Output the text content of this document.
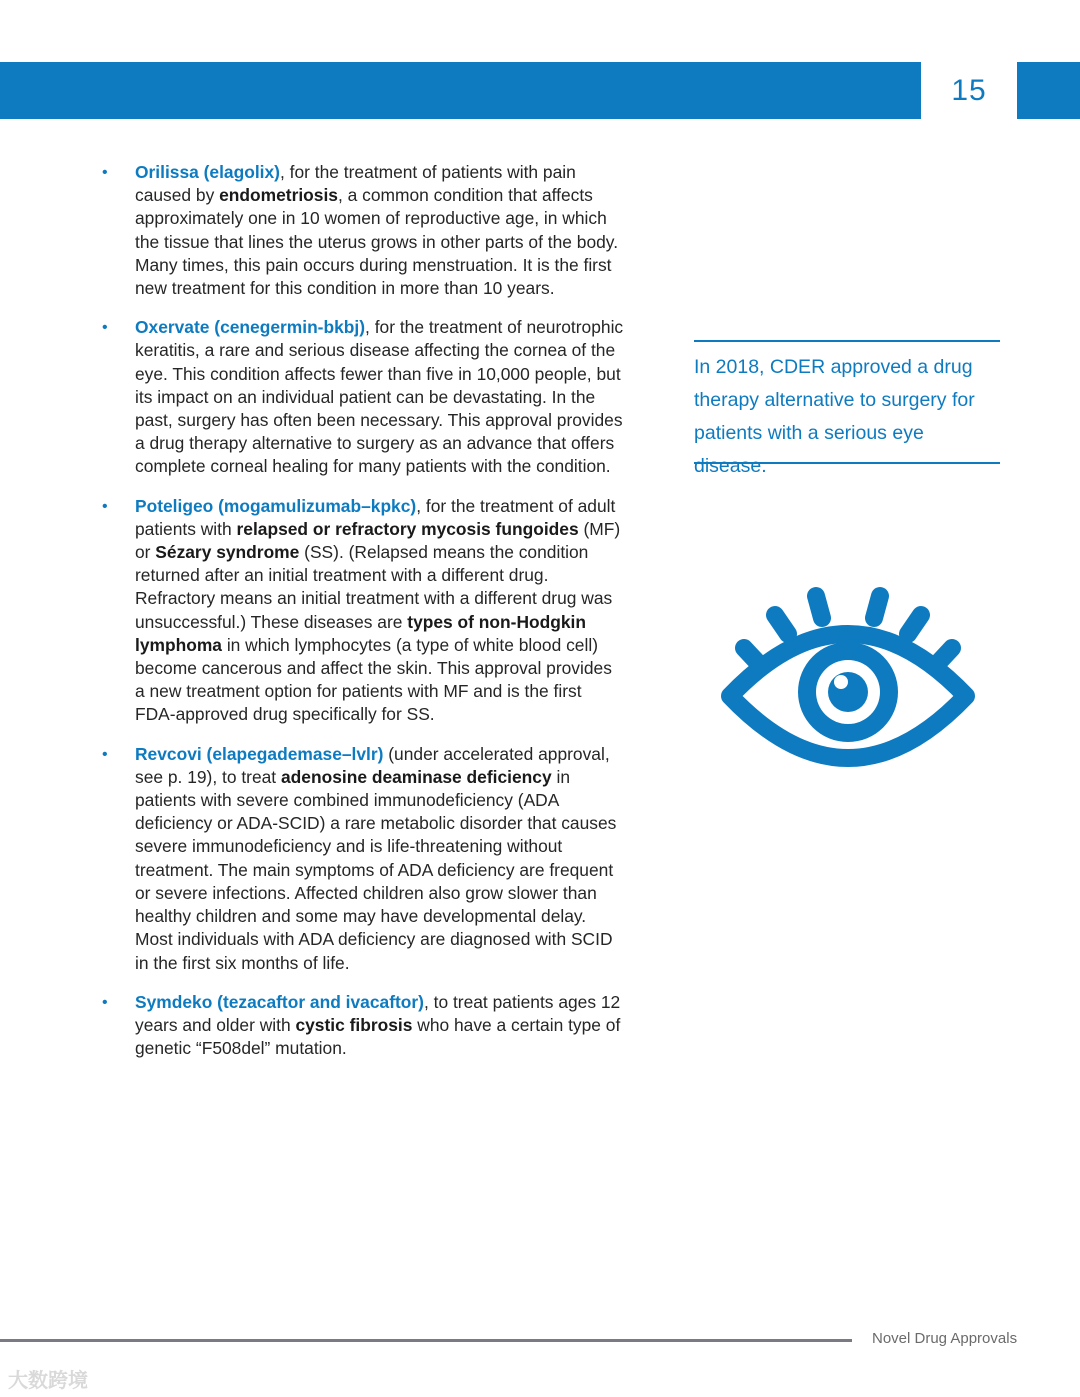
15
• Orilissa (elagolix), for the treatment of patients with pain caused by endometriosis, a common condition that affects approximately one in 10 women of reproductive age, in which the tissue that lines the uterus grows in other parts of the body. Many times, this pain occurs during menstruation. It is the first new treatment for this condition in more than 10 years.
• Oxervate (cenegermin-bkbj), for the treatment of neurotrophic keratitis, a rare and serious disease affecting the cornea of the eye. This condition affects fewer than five in 10,000 people, but its impact on an individual patient can be devastating. In the past, surgery has often been necessary. This approval provides a drug therapy alternative to surgery as an advance that offers complete corneal healing for many patients with the condition.
• Poteligeo (mogamulizumab–kpkc), for the treatment of adult patients with relapsed or refractory mycosis fungoides (MF) or Sézary syndrome (SS). (Relapsed means the condition returned after an initial treatment with a different drug. Refractory means an initial treatment with a different drug was unsuccessful.) These diseases are types of non-Hodgkin lymphoma in which lymphocytes (a type of white blood cell) become cancerous and affect the skin. This approval provides a new treatment option for patients with MF and is the first FDA-approved drug specifically for SS.
• Revcovi (elapegademase–lvlr) (under accelerated approval, see p. 19), to treat adenosine deaminase deficiency in patients with severe combined immunodeficiency (ADA deficiency or ADA-SCID) a rare metabolic disorder that causes severe immunodeficiency and is life-threatening without treatment. The main symptoms of ADA deficiency are frequent or severe infections. Affected children also grow slower than healthy children and some may have developmental delay. Most individuals with ADA deficiency are diagnosed with SCID in the first six months of life.
• Symdeko (tezacaftor and ivacaftor), to treat patients ages 12 years and older with cystic fibrosis who have a certain type of genetic “F508del” mutation.
In 2018, CDER approved a drug therapy alternative to surgery for patients with a serious eye disease.
Novel Drug Approvals
大数跨境
